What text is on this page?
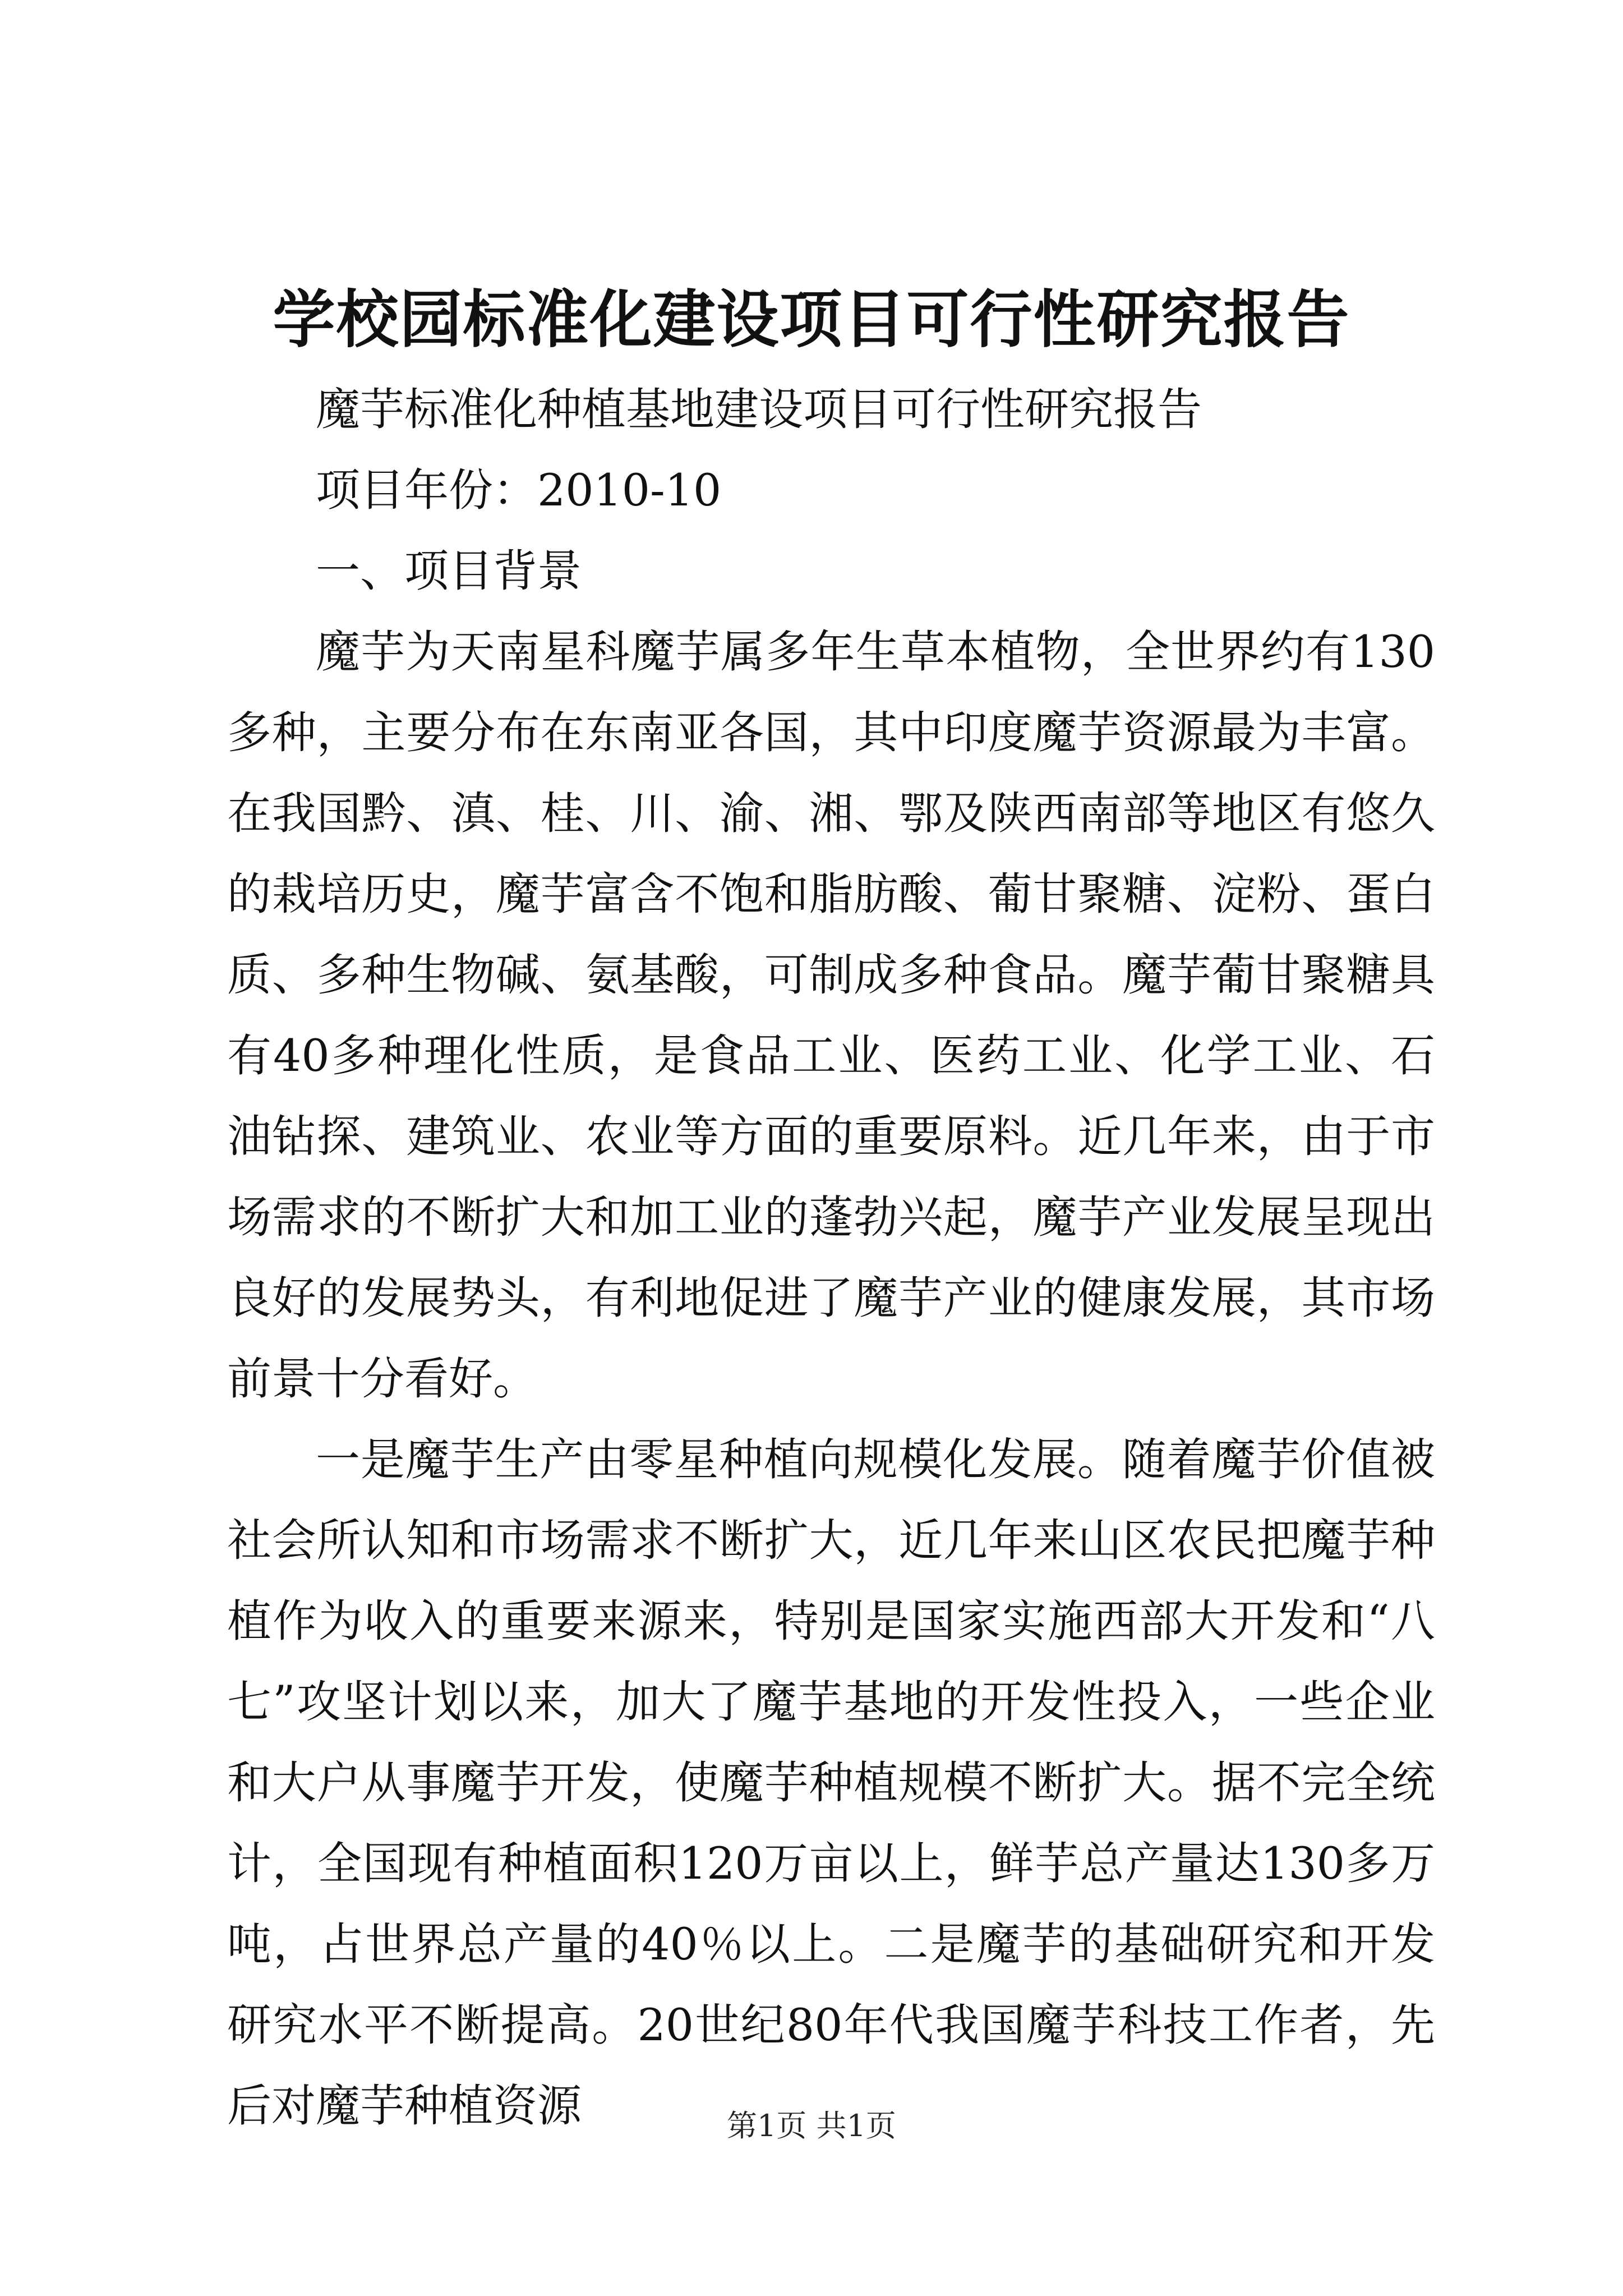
学校园标准化建设项目可行性研究报告

魔芋标准化种植基地建设项目可行性研究报告

项目年份：2010-10

一、项目背景

魔芋为天南星科魔芋属多年生草本植物，全世界约有130多种，主要分布在东南亚各国，其中印度魔芋资源最为丰富。在我国黔、滇、桂、川、渝、湘、鄂及陕西南部等地区有悠久的栽培历史，魔芋富含不饱和脂肪酸、葡甘聚糖、淀粉、蛋白质、多种生物碱、氨基酸，可制成多种食品。魔芋葡甘聚糖具有40多种理化性质，是食品工业、医药工业、化学工业、石油钻探、建筑业、农业等方面的重要原料。近几年来，由于市场需求的不断扩大和加工业的蓬勃兴起，魔芋产业发展呈现出良好的发展势头，有利地促进了魔芋产业的健康发展，其市场前景十分看好。

一是魔芋生产由零星种植向规模化发展。随着魔芋价值被社会所认知和市场需求不断扩大，近几年来山区农民把魔芋种植作为收入的重要来源来，特别是国家实施西部大开发和“八七”攻坚计划以来，加大了魔芋基地的开发性投入，一些企业和大户从事魔芋开发，使魔芋种植规模不断扩大。据不完全统计，全国现有种植面积120万亩以上，鲜芋总产量达130多万吨，占世界总产量的40％以上。二是魔芋的基础研究和开发研究水平不断提高。20世纪80年代我国魔芋科技工作者，先后对魔芋种植资源	第1页 共1页
